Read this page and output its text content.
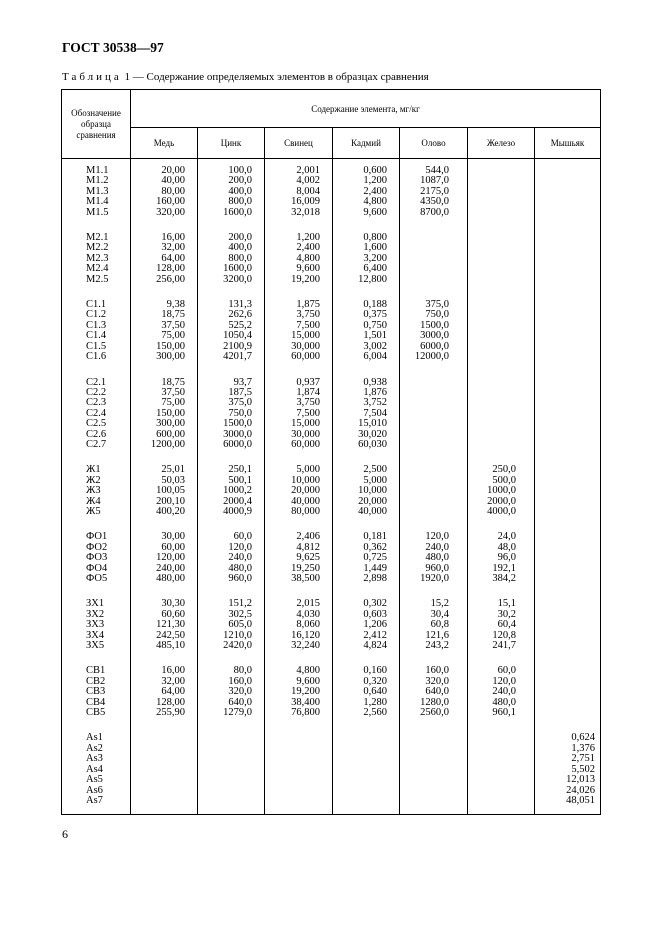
ГОСТ 30538—97
Таблица 1 — Содержание определяемых элементов в образцах сравнения
Обозначение образца сравнения	Содержание элемента, мг/кг						
	Медь	Цинк	Свинец	Кадмий	Олово	Железо	Мышьяк

М1.1	20,00	100,0	2,001	0,600	544,0		
М1.2	40,00	200,0	4,002	1,200	1087,0		
М1.3	80,00	400,0	8,004	2,400	2175,0		
М1.4	160,00	800,0	16,009	4,800	4350,0		
М1.5	320,00	1600,0	32,018	9,600	8700,0		

М2.1	16,00	200,0	1,200	0,800			
М2.2	32,00	400,0	2,400	1,600			
М2.3	64,00	800,0	4,800	3,200			
М2.4	128,00	1600,0	9,600	6,400			
М2.5	256,00	3200,0	19,200	12,800			

С1.1	9,38	131,3	1,875	0,188	375,0		
С1.2	18,75	262,6	3,750	0,375	750,0		
С1.3	37,50	525,2	7,500	0,750	1500,0		
С1.4	75,00	1050,4	15,000	1,501	3000,0		
С1.5	150,00	2100,9	30,000	3,002	6000,0		
С1.6	300,00	4201,7	60,000	6,004	12000,0		

С2.1	18,75	93,7	0,937	0,938			
С2.2	37,50	187,5	1,874	1,876			
С2.3	75,00	375,0	3,750	3,752			
С2.4	150,00	750,0	7,500	7,504			
С2.5	300,00	1500,0	15,000	15,010			
С2.6	600,00	3000,0	30,000	30,020			
С2.7	1200,00	6000,0	60,000	60,030			

Ж1	25,01	250,1	5,000	2,500		250,0	
Ж2	50,03	500,1	10,000	5,000		500,0	
Ж3	100,05	1000,2	20,000	10,000		1000,0	
Ж4	200,10	2000,4	40,000	20,000		2000,0	
Ж5	400,20	4000,9	80,000	40,000		4000,0	

ФО1	30,00	60,0	2,406	0,181	120,0	24,0	
ФО2	60,00	120,0	4,812	0,362	240,0	48,0	
ФО3	120,00	240,0	9,625	0,725	480,0	96,0	
ФО4	240,00	480,0	19,250	1,449	960,0	192,1	
ФО5	480,00	960,0	38,500	2,898	1920,0	384,2	

ЗХ1	30,30	151,2	2,015	0,302	15,2	15,1	
ЗХ2	60,60	302,5	4,030	0,603	30,4	30,2	
ЗХ3	121,30	605,0	8,060	1,206	60,8	60,4	
ЗХ4	242,50	1210,0	16,120	2,412	121,6	120,8	
ЗХ5	485,10	2420,0	32,240	4,824	243,2	241,7	

СВ1	16,00	80,0	4,800	0,160	160,0	60,0	
СВ2	32,00	160,0	9,600	0,320	320,0	120,0	
СВ3	64,00	320,0	19,200	0,640	640,0	240,0	
СВ4	128,00	640,0	38,400	1,280	1280,0	480,0	
СВ5	255,90	1279,0	76,800	2,560	2560,0	960,1	

As1							0,624
As2							1,376
As3							2,751
As4							5,502
As5							12,013
As6							24,026
As7							48,051

6
